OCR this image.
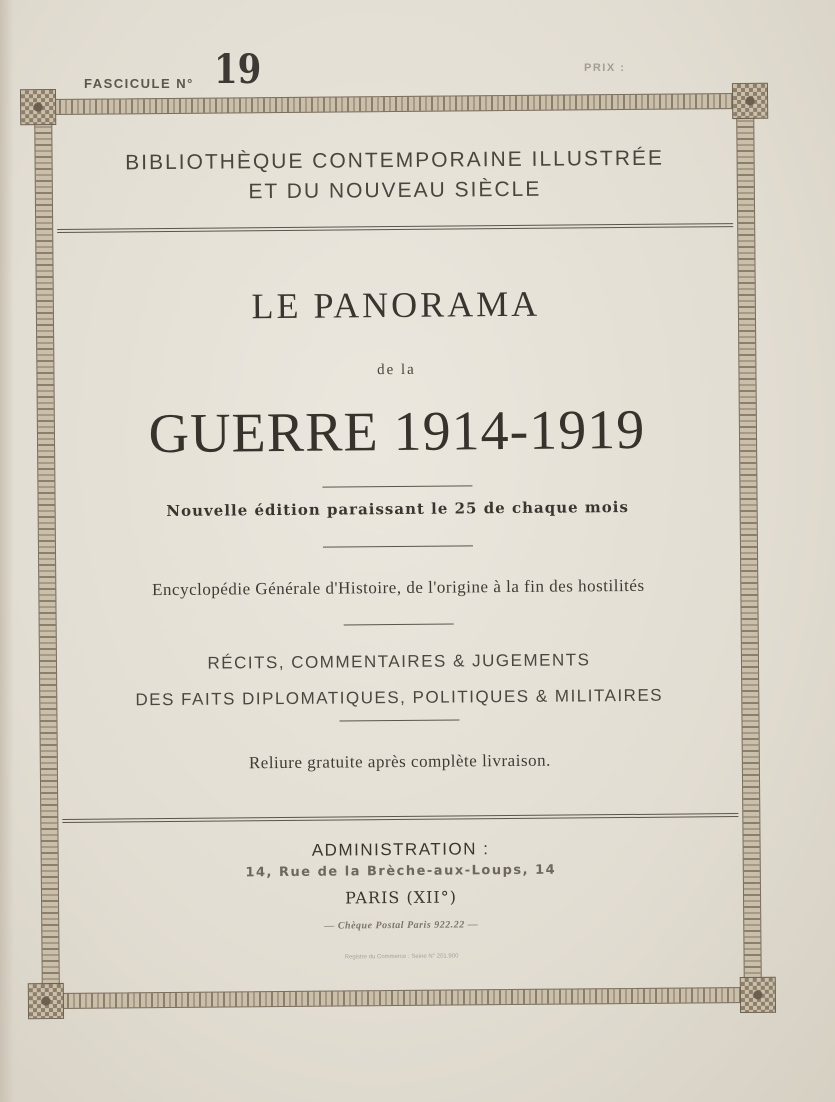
FASCICULE N° 19	PRIX :
BIBLIOTHÈQUE CONTEMPORAINE ILLUSTRÉE
ET DU NOUVEAU SIÈCLE
LE PANORAMA
de la
GUERRE 1914-1919
Nouvelle édition paraissant le 25 de chaque mois
Encyclopédie Générale d'Histoire, de l'origine à la fin des hostilités
RÉCITS, COMMENTAIRES & JUGEMENTS
DES FAITS DIPLOMATIQUES, POLITIQUES & MILITAIRES
Reliure gratuite après complète livraison.
ADMINISTRATION :
14, Rue de la Brèche-aux-Loups, 14
PARIS (XII°)
— Chèque Postal Paris 922.22 —
Registre du Commerce : Seine N° 201.900
